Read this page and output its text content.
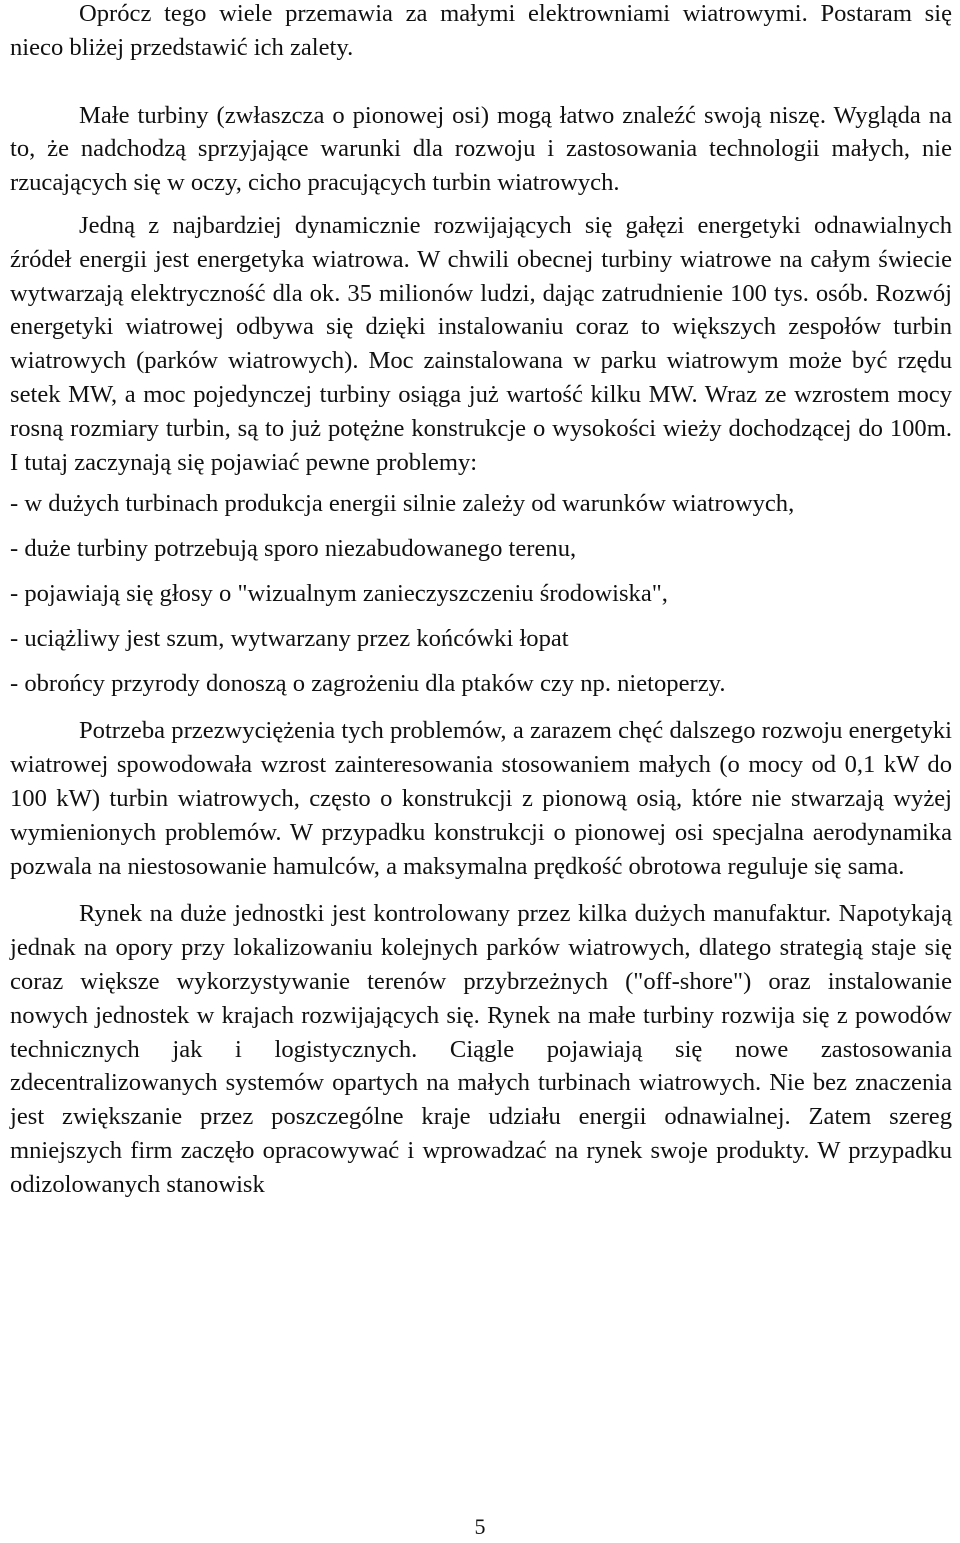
Oprócz tego wiele przemawia za małymi elektrowniami wiatrowymi. Postaram się nieco bliżej przedstawić ich zalety.

Małe turbiny (zwłaszcza o pionowej osi) mogą łatwo znaleźć swoją niszę. Wygląda na to, że nadchodzą sprzyjające warunki dla rozwoju i zastosowania technologii małych, nie rzucających się w oczy, cicho pracujących turbin wiatrowych.

Jedną z najbardziej dynamicznie rozwijających się gałęzi energetyki odnawialnych źródeł energii jest energetyka wiatrowa. W chwili obecnej turbiny wiatrowe na całym świecie wytwarzają elektryczność dla ok. 35 milionów ludzi, dając zatrudnienie 100 tys. osób. Rozwój energetyki wiatrowej odbywa się dzięki instalowaniu coraz to większych zespołów turbin wiatrowych (parków wiatrowych). Moc zainstalowana w parku wiatrowym może być rzędu setek MW, a moc pojedynczej turbiny osiąga już wartość kilku MW. Wraz ze wzrostem mocy rosną rozmiary turbin, są to już potężne konstrukcje o wysokości wieży dochodzącej do 100m. I tutaj zaczynają się pojawiać pewne problemy:

- w dużych turbinach produkcja energii silnie zależy od warunków wiatrowych,
- duże turbiny potrzebują sporo niezabudowanego terenu,
- pojawiają się głosy o "wizualnym zanieczyszczeniu środowiska",
- uciążliwy jest szum, wytwarzany przez końcówki łopat
- obrońcy przyrody donoszą o zagrożeniu dla ptaków czy np. nietoperzy.

Potrzeba przezwyciężenia tych problemów, a zarazem chęć dalszego rozwoju energetyki wiatrowej spowodowała wzrost zainteresowania stosowaniem małych (o mocy od 0,1 kW do 100 kW) turbin wiatrowych, często o konstrukcji z pionową osią, które nie stwarzają wyżej wymienionych problemów. W przypadku konstrukcji o pionowej osi specjalna aerodynamika pozwala na niestosowanie hamulców, a maksymalna prędkość obrotowa reguluje się sama.

Rynek na duże jednostki jest kontrolowany przez kilka dużych manufaktur. Napotykają jednak na opory przy lokalizowaniu kolejnych parków wiatrowych, dlatego strategią staje się coraz większe wykorzystywanie terenów przybrzeżnych ("off-shore") oraz instalowanie nowych jednostek w krajach rozwijających się. Rynek na małe turbiny rozwija się z powodów technicznych jak i logistycznych. Ciągle pojawiają się nowe zastosowania zdecentralizowanych systemów opartych na małych turbinach wiatrowych. Nie bez znaczenia jest zwiększanie przez poszczególne kraje udziału energii odnawialnej. Zatem szereg mniejszych firm zaczęło opracowywać i wprowadzać na rynek swoje produkty. W przypadku odizolowanych stanowisk

5
